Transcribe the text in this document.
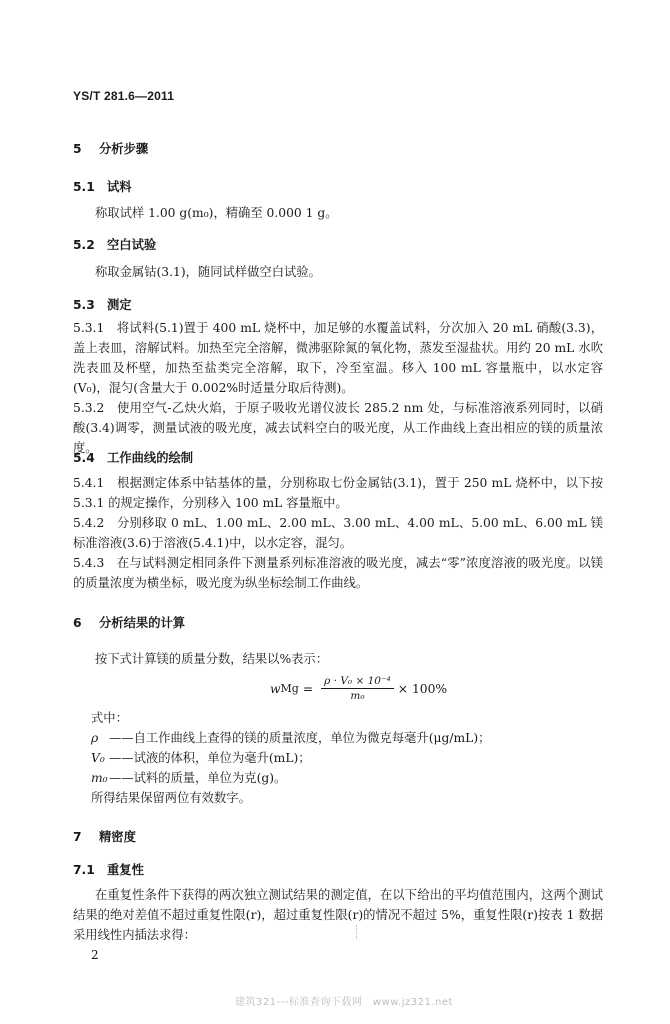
YS/T 281.6—2011
5 分析步骤
5.1 试料
称取试样 1.00 g(m₀)，精确至 0.000 1 g。
5.2 空白试验
称取金属钴(3.1)，随同试样做空白试验。
5.3 测定
5.3.1　将试料(5.1)置于 400 mL 烧杯中，加足够的水覆盖试料，分次加入 20 mL 硝酸(3.3)，盖上表皿，溶解试料。加热至完全溶解，微沸驱除氮的氧化物，蒸发至湿盐状。用约 20 mL 水吹洗表皿及杯壁，加热至盐类完全溶解，取下，冷至室温。移入 100 mL 容量瓶中，以水定容(V₀)，混匀(含量大于 0.002%时适量分取后待测)。
5.3.2　使用空气-乙炔火焰，于原子吸收光谱仪波长 285.2 nm 处，与标准溶液系列同时，以硝酸(3.4)调零，测量试液的吸光度，减去试料空白的吸光度，从工作曲线上查出相应的镁的质量浓度。
5.4 工作曲线的绘制
5.4.1　根据测定体系中钴基体的量，分别称取七份金属钴(3.1)，置于 250 mL 烧杯中，以下按 5.3.1 的规定操作，分别移入 100 mL 容量瓶中。
5.4.2　分别移取 0 mL、1.00 mL、2.00 mL、3.00 mL、4.00 mL、5.00 mL、6.00 mL 镁标准溶液(3.6)于溶液(5.4.1)中，以水定容，混匀。
5.4.3　在与试料测定相同条件下测量系列标准溶液的吸光度，减去“零”浓度溶液的吸光度。以镁的质量浓度为横坐标，吸光度为纵坐标绘制工作曲线。
6 分析结果的计算
按下式计算镁的质量分数，结果以%表示：
w $Mg = \frac{\text{ρ · V₀ × 10⁻⁴}}{\text{m₀}} \times 100\%$
式中：
ρ ——自工作曲线上查得的镁的质量浓度，单位为微克每毫升(μg/mL)；
V₀ ——试液的体积，单位为毫升(mL)；
m₀——试料的质量，单位为克(g)。
所得结果保留两位有效数字。
7 精密度
7.1 重复性
在重复性条件下获得的两次独立测试结果的测定值，在以下给出的平均值范围内，这两个测试结果的绝对差值不超过重复性限(r)，超过重复性限(r)的情况不超过 5%，重复性限(r)按表 1 数据采用线性内插法求得：
2
建筑321---标准查询下载网　www.jz321.net
